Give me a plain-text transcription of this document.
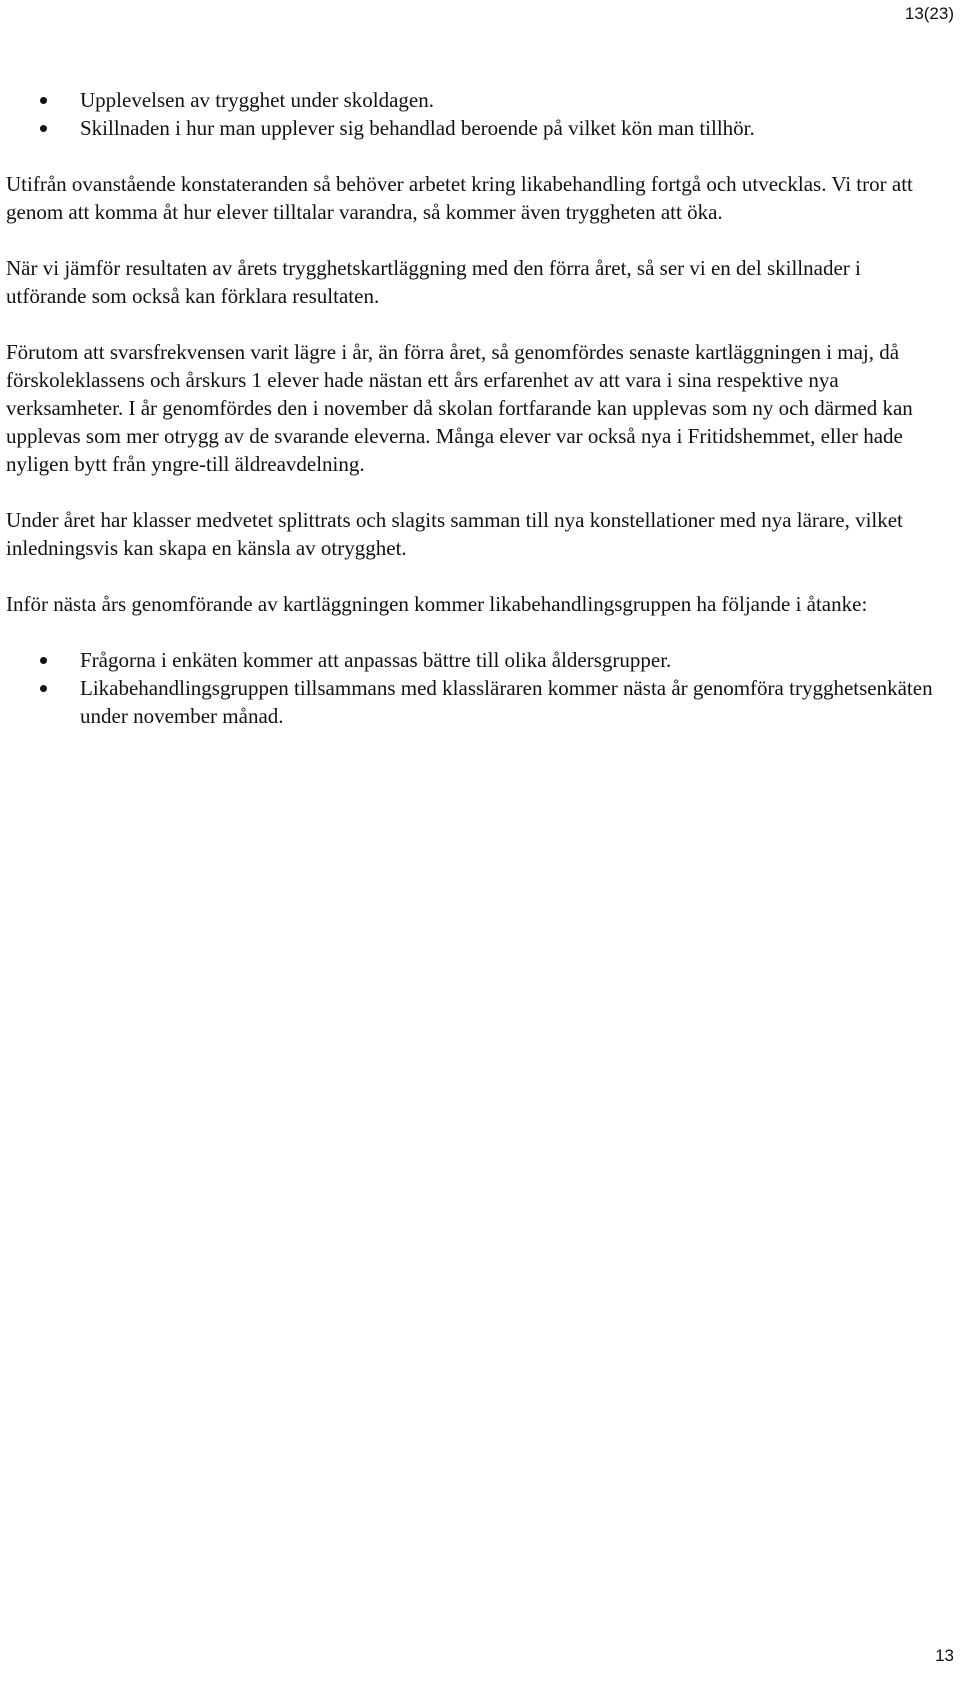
13(23)
Upplevelsen av trygghet under skoldagen.
Skillnaden i hur man upplever sig behandlad beroende på vilket kön man tillhör.

Utifrån ovanstående konstateranden så behöver arbetet kring likabehandling fortgå och utvecklas. Vi tror att genom att komma åt hur elever tilltalar varandra, så kommer även tryggheten att öka.

När vi jämför resultaten av årets trygghetskartläggning med den förra året, så ser vi en del skillnader i utförande som också kan förklara resultaten.

Förutom att svarsfrekvensen varit lägre i år, än förra året, så genomfördes senaste kartläggningen i maj, då förskoleklassens och årskurs 1 elever hade nästan ett års erfarenhet av att vara i sina respektive nya verksamheter. I år genomfördes den i november då skolan fortfarande kan upplevas som ny och därmed kan upplevas som mer otrygg av de svarande eleverna. Många elever var också nya i Fritidshemmet, eller hade nyligen bytt från yngre-till äldreavdelning.

Under året har klasser medvetet splittrats och slagits samman till nya konstellationer med nya lärare, vilket inledningsvis kan skapa en känsla av otrygghet.

Inför nästa års genomförande av kartläggningen kommer likabehandlingsgruppen ha följande i åtanke:

Frågorna i enkäten kommer att anpassas bättre till olika åldersgrupper.
Likabehandlingsgruppen tillsammans med klassläraren kommer nästa år genomföra trygghetsenkäten under november månad.
13
